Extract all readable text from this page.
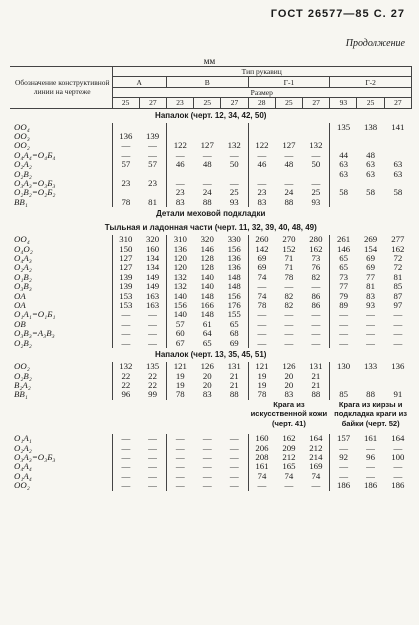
ГОСТ 26577—85 С. 27
Продолжение
мм
Обозначение конструктивной линии на чертеже	Тип рукавиц										
	А		В			Г-1			Г-2		
	Размер										
	25	27	23	25	27	28	25	27	93	25	27
Напалок (черт. 12, 34, 42, 50)											
OO₄									135	138	141
OO₃	136	139									
OO₂	—	—	122	127	132	122	127	132			
O₄A₄=O₄Б₄	—	—	—	—	—	—	—	—	44	48	
O₂A₂	57	57	46	48	50	46	48	50	63	63	63
O₂B₂									63	63	63
O₃A₃=O₃Б₃	23	23	—	—	—	—	—	—			
O₂B₂=O₂Б₂			23	24	25	23	24	25	58	58	58
BB₁	78	81	83	88	93	83	88	93			
Детали меховой подкладки											
Тыльная и ладонная части (черт. 11, 32, 39, 40, 48, 49)											
OO₄	310	320	310	320	330	260	270	280	261	269	277
O₄O₂	150	160	136	146	156	142	152	162	146	154	162
O₄A₃	127	134	120	128	136	69	71	73	65	69	72
O₂A₂	127	134	120	128	136	69	71	76	65	69	72
O₁B₂	139	149	132	140	148	74	78	82	73	77	81
O₃B₃	139	149	132	140	148	—	—	—	77	81	85
OA	153	163	140	148	156	74	82	86	79	83	87
OA	153	163	156	166	176	78	82	86	89	93	97
O₁A₁=O₁Б₁	—	—	140	148	155	—	—	—	—	—	—
OB	—	—	57	61	65	—	—	—	—	—	—
O₃B₃=A₃B₃	—	—	60	64	68	—	—	—	—	—	—
O₂B₂	—	—	67	65	69	—	—	—	—	—	—
Напалок (черт. 13, 35, 45, 51)											
OO₂	132	135	121	126	131	121	126	131	130	133	136
O₂B₂	22	22	19	20	21	19	20	21			
B₂A₂	22	22	19	20	21	19	20	21			
BB₁	96	99	78	83	88	78	83	88	85	88	91
						Крага из искусственной кожи (черт. 41)			Крага из кирзы и подкладка краги из байки (черт. 52)		

O₁A₁	—	—	—	—	—	160	162	164	157	161	164
O₂A₂	—	—	—	—	—	206	209	212	—	—	—
O₃A₃=O₃Б₃	—	—	—	—	—	208	212	214	92	96	100
O₄A₄	—	—	—	—	—	161	165	169	—	—	—
O₁A₄	—	—	—	—	—	74	74	74	—	—	—
OO₂	—	—	—	—	—	—	—	—	186	186	186
